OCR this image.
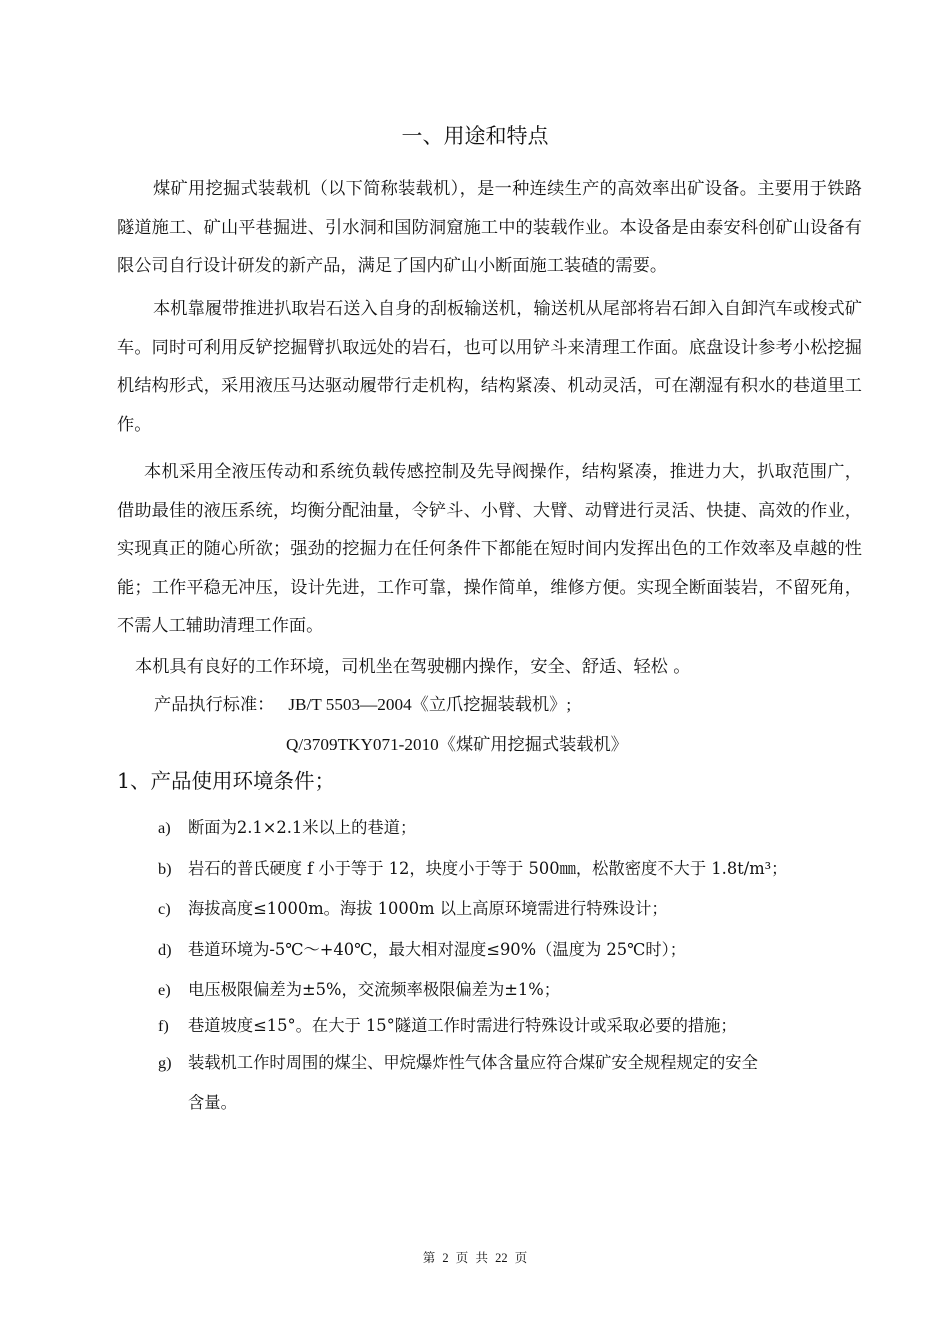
一、用途和特点
煤矿用挖掘式装载机（以下简称装载机），是一种连续生产的高效率出矿设备。主要用于铁路隧道施工、矿山平巷掘进、引水洞和国防洞窟施工中的装载作业。本设备是由泰安科创矿山设备有限公司自行设计研发的新产品，满足了国内矿山小断面施工装碴的需要。
本机靠履带推进扒取岩石送入自身的刮板输送机，输送机从尾部将岩石卸入自卸汽车或梭式矿车。同时可利用反铲挖掘臂扒取远处的岩石，也可以用铲斗来清理工作面。底盘设计参考小松挖掘机结构形式，采用液压马达驱动履带行走机构，结构紧凑、机动灵活，可在潮湿有积水的巷道里工作。
本机采用全液压传动和系统负载传感控制及先导阀操作，结构紧凑，推进力大，扒取范围广，借助最佳的液压系统，均衡分配油量，令铲斗、小臂、大臂、动臂进行灵活、快捷、高效的作业，实现真正的随心所欲；强劲的挖掘力在任何条件下都能在短时间内发挥出色的工作效率及卓越的性能；工作平稳无冲压，设计先进，工作可靠，操作简单，维修方便。实现全断面装岩，不留死角，不需人工辅助清理工作面。
本机具有良好的工作环境，司机坐在驾驶棚内操作，安全、舒适、轻松 。
产品执行标准： JB/T 5503—2004《立爪挖掘装载机》;
Q/3709TKY071-2010《煤矿用挖掘式装载机》
1、产品使用环境条件；
a) 断面为2.1×2.1米以上的巷道；
b) 岩石的普氏硬度 f 小于等于 12，块度小于等于 500㎜，松散密度不大于 1.8t/m³；
c) 海拔高度≤1000m。海拔 1000m 以上高原环境需进行特殊设计；
d) 巷道环境为-5℃～+40℃，最大相对湿度≤90%（温度为 25℃时）；
e) 电压极限偏差为±5%，交流频率极限偏差为±1%；
f) 巷道坡度≤15°。在大于 15°隧道工作时需进行特殊设计或采取必要的措施；
g) 装载机工作时周围的煤尘、甲烷爆炸性气体含量应符合煤矿安全规程规定的安全
含量。
第 2 页 共 22 页
